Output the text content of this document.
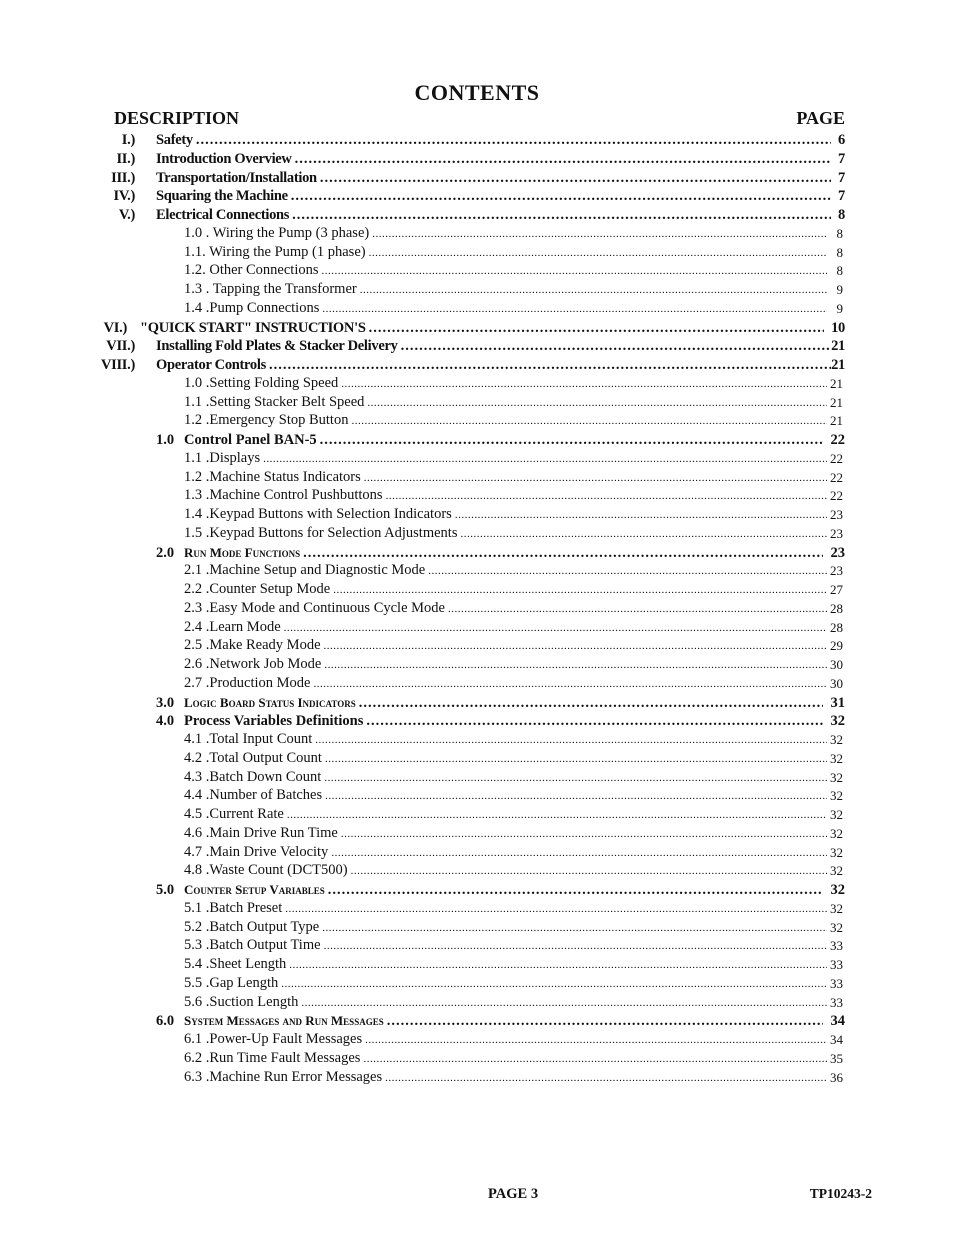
CONTENTS
DESCRIPTION	PAGE
I.) Safety .....	6
II.) Introduction Overview .....	7
III.) Transportation/Installation .....	7
IV.) Squaring the Machine .....	7
V.) Electrical Connections .....	8
1.0 . Wiring the Pump (3 phase) .....	8
1.1. Wiring the Pump (1 phase) .....	8
1.2. Other Connections .....	8
1.3 . Tapping the Transformer .....	9
1.4 .Pump Connections .....	9
VI.) "QUICK START" INSTRUCTION'S .....	10
VII.) Installing Fold Plates & Stacker Delivery .....	21
VIII.) Operator Controls .....	21
1.0 .Setting Folding Speed .....	21
1.1 .Setting Stacker Belt Speed .....	21
1.2 .Emergency Stop Button .....	21
1.0 Control Panel BAN-5 .....	22
1.1 .Displays .....	22
1.2 .Machine Status Indicators .....	22
1.3 .Machine Control Pushbuttons .....	22
1.4 .Keypad Buttons with Selection Indicators .....	23
1.5 .Keypad Buttons for Selection Adjustments .....	23
2.0 Run Mode Functions .....	23
2.1 .Machine Setup and Diagnostic Mode .....	23
2.2 .Counter Setup Mode .....	27
2.3 .Easy Mode and Continuous Cycle Mode .....	28
2.4 .Learn Mode .....	28
2.5 .Make Ready Mode .....	29
2.6 .Network Job Mode .....	30
2.7 .Production Mode .....	30
3.0 Logic Board Status Indicators .....	31
4.0 Process Variables Definitions .....	32
4.1 .Total Input Count .....	32
4.2 .Total Output Count .....	32
4.3 .Batch Down Count .....	32
4.4 .Number of Batches .....	32
4.5 .Current Rate .....	32
4.6 .Main Drive Run Time .....	32
4.7 .Main Drive Velocity .....	32
4.8 .Waste Count (DCT500) .....	32
5.0 Counter Setup Variables .....	32
5.1 .Batch Preset .....	32
5.2 .Batch Output Type .....	32
5.3 .Batch Output Time .....	33
5.4 .Sheet Length .....	33
5.5 .Gap Length .....	33
5.6 .Suction Length .....	33
6.0 System Messages and Run Messages .....	34
6.1 .Power-Up Fault Messages .....	34
6.2 .Run Time Fault Messages .....	35
6.3 .Machine Run Error Messages .....	36
PAGE 3	TP10243-2
